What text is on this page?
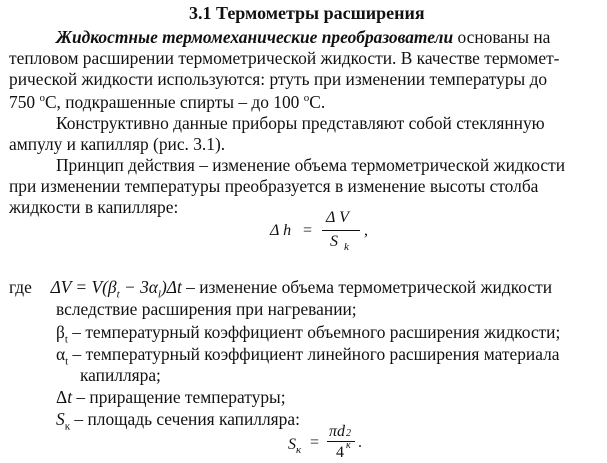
3.1 Термометры расширения
Жидкостные термомеханические преобразователи основаны на
тепловом расширении термометрической жидкости. В качестве термомет-
рической жидкости используются: ртуть при изменении температуры до
750 $^o$C, подкрашенные спирты – до 100 $^o$C.
Конструктивно данные приборы представляют собой стеклянную
ампулу и капилляр (рис. 3.1).
Принцип действия – изменение объема термометрической жидкости
при изменении температуры преобразуется в изменение высоты столба
жидкости в капилляре:
Δ h =
Δ V
S $_k$
,
где $\Delta V = V(\beta_t - 3\alpha_l)\Delta t$ – изменение объема термометрической жидкости
вследствие расширения при нагревании;
$\beta_t$ – температурный коэффициент объемного расширения жидкости;
$\alpha_t$ – температурный коэффициент линейного расширения материала
капилляра;
Δt – приращение температуры;
$S_к$ – площадь сечения капилляра:
$S_к$ =
πd 2
к
4
.
